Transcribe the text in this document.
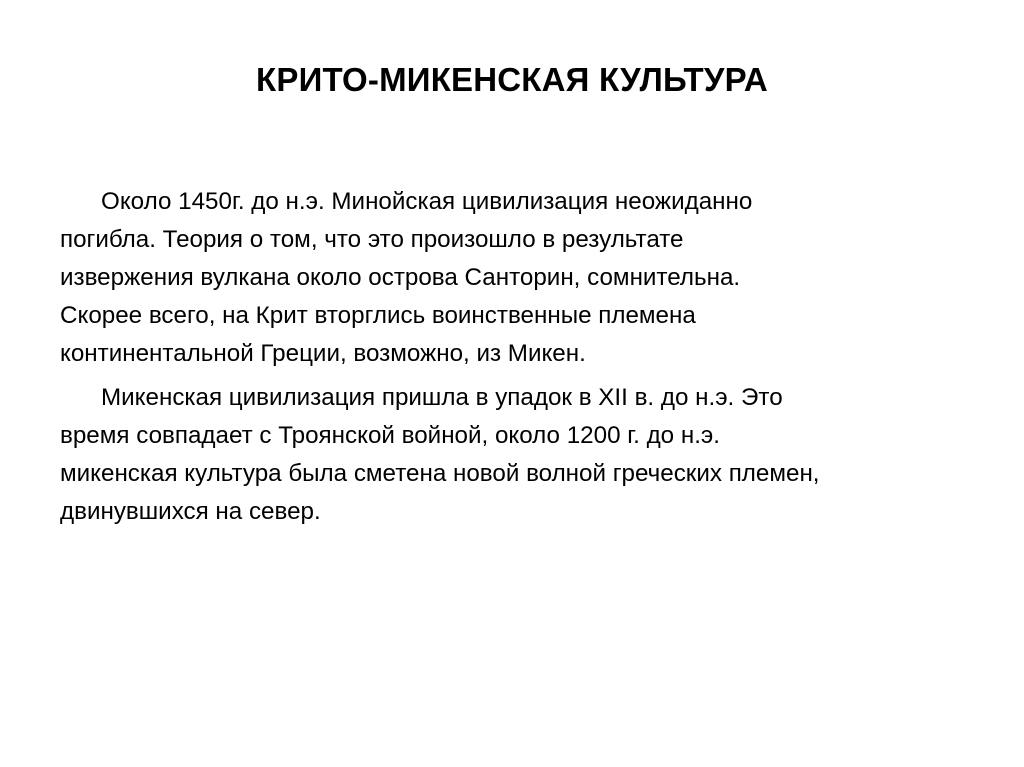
КРИТО-МИКЕНСКАЯ КУЛЬТУРА

Около 1450г. до н.э. Минойская цивилизация неожиданно
погибла. Теория о том, что это произошло в результате
извержения вулкана около острова Санторин, сомнительна.
Скорее всего, на Крит вторглись воинственные племена
континентальной Греции, возможно, из Микен.

Микенская цивилизация пришла в упадок в XII в. до н.э. Это
время совпадает с Троянской войной, около 1200 г. до н.э.
микенская культура была сметена новой волной греческих племен,
двинувшихся на север.
